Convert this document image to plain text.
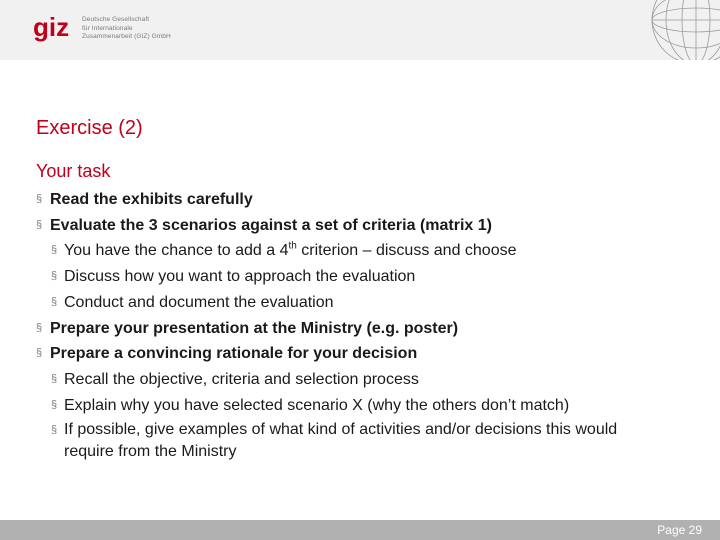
giz Deutsche Gesellschaft
für Internationale
Zusammenarbeit (GIZ) GmbH
Exercise (2)
Your task
§ Read the exhibits carefully
§ Evaluate the 3 scenarios against a set of criteria (matrix 1)
§ You have the chance to add a 4th criterion – discuss and choose
§ Discuss how you want to approach the evaluation
§ Conduct and document the evaluation
§ Prepare your presentation at the Ministry (e.g. poster)
§ Prepare a convincing rationale for your decision
§ Recall the objective, criteria and selection process
§ Explain why you have selected scenario X (why the others don’t match)
§ If possible, give examples of what kind of activities and/or decisions this would require from the Ministry
Page 29
